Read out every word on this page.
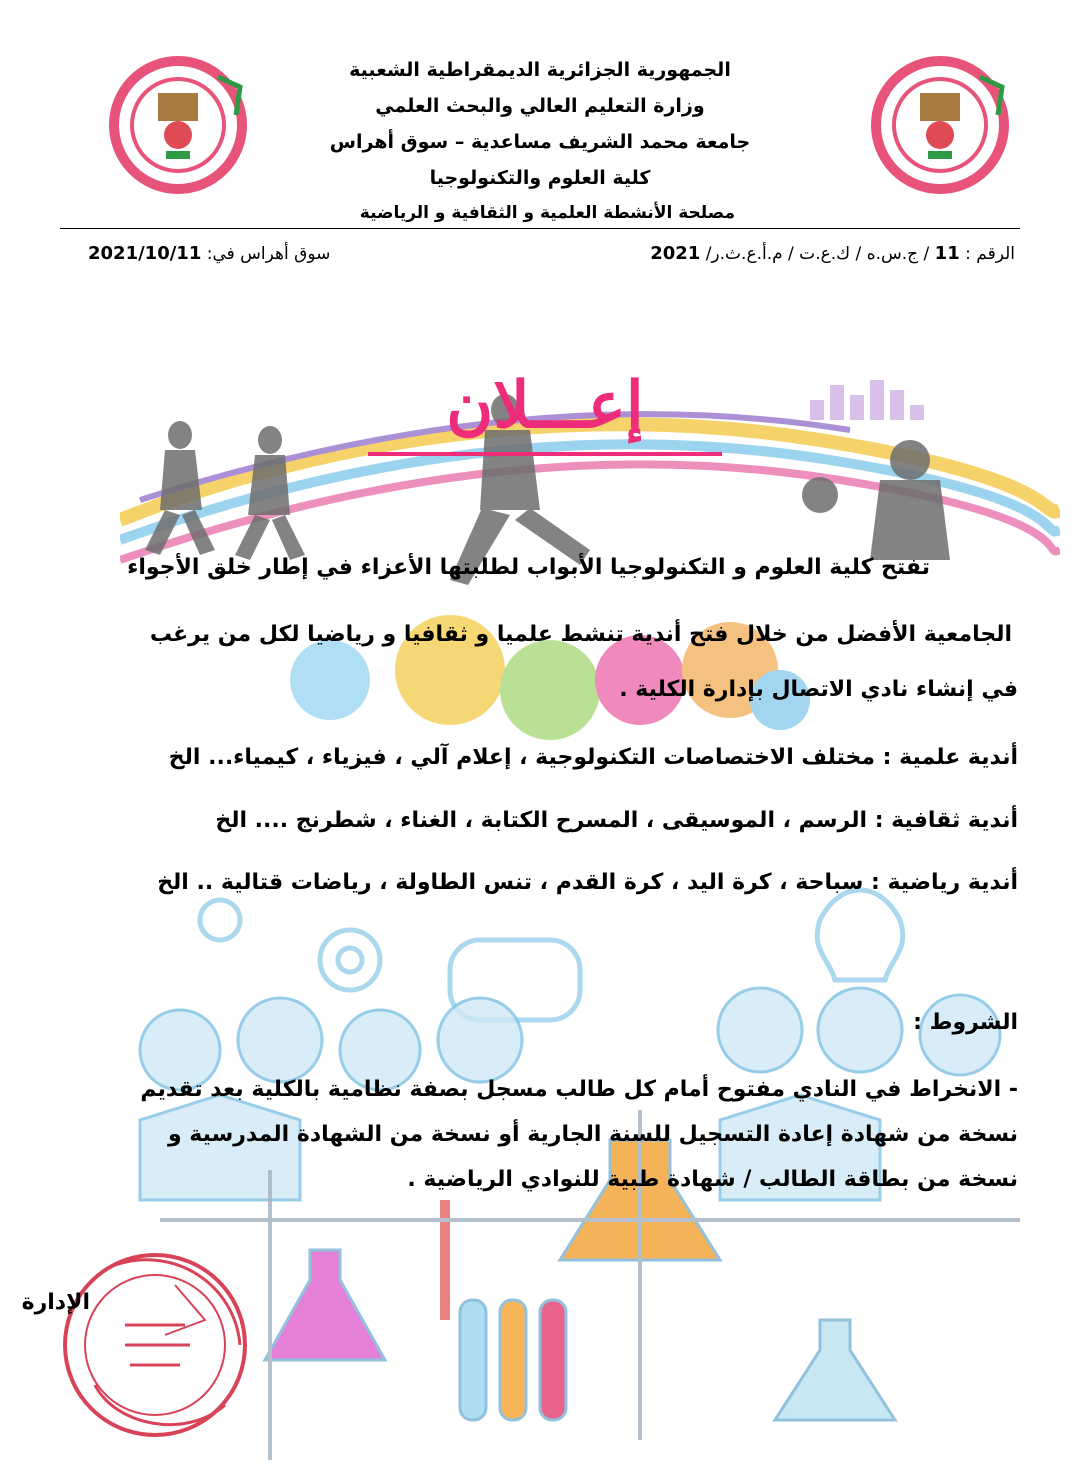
الجمهورية الجزائرية الديمقراطية الشعبية
وزارة التعليم العالي والبحث العلمي
جامعة محمد الشريف مساعدية – سوق أهراس
كلية العلوم والتكنولوجيا
مصلحة الأنشطة العلمية و الثقافية و الرياضية
الرقم : 11 / ج.س.ه / ك.ع.ت / م.أ.ع.ث.ر/ 2021
سوق أهراس في: 2021/10/11
إعـــلان
تفتح كلية العلوم و التكنولوجيا الأبواب لطلبتها الأعزاء في إطار خلق الأجواء
الجامعية الأفضل من خلال فتح أندية تنشط علميا و ثقافيا و رياضيا لكل من يرغب
في إنشاء نادي الاتصال بإدارة الكلية .
أندية علمية : مختلف الاختصاصات التكنولوجية ، إعلام آلي ، فيزياء ، كيمياء... الخ
أندية ثقافية : الرسم ، الموسيقى ، المسرح الكتابة ، الغناء ، شطرنج .... الخ
أندية رياضية : سباحة ، كرة اليد ، كرة القدم ، تنس الطاولة ، رياضات قتالية .. الخ
الشروط :
- الانخراط في النادي مفتوح أمام كل طالب مسجل بصفة نظامية بالكلية بعد تقديم
نسخة من شهادة إعادة التسجيل للسنة الجارية أو نسخة من الشهادة المدرسية و
نسخة من بطاقة الطالب / شهادة طبية للنوادي الرياضية .
الإدارة
